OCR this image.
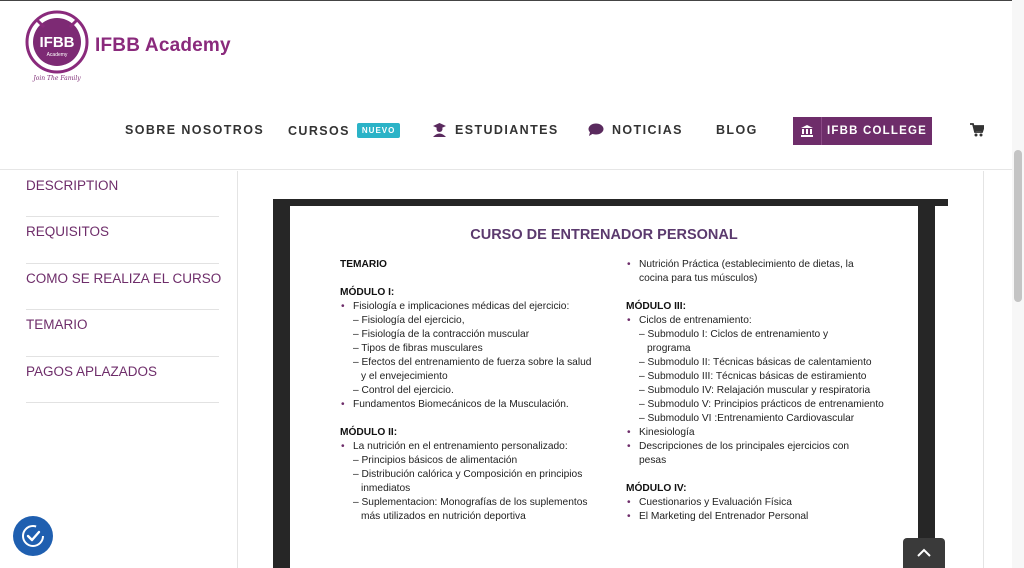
IFBB
Academy
Join The Family
IFBB Academy
SOBRE NOSOTROS CURSOS	NUEVO	ESTUDIANTES	NOTICIAS	BLOG	IFBB COLLEGE
DESCRIPTION
REQUISITOS
COMO SE REALIZA EL CURSO
TEMARIO
PAGOS APLAZADOS
CURSO DE ENTRENADOR PERSONAL
TEMARIO
MÓDULO I:
• Fisiología e implicaciones médicas del ejercicio:
– Fisiología del ejercicio,
– Fisiología de la contracción muscular
– Tipos de fibras musculares
– Efectos del entrenamiento de fuerza sobre la salud
y el envejecimiento
– Control del ejercicio.
• Fundamentos Biomecánicos de la Musculación.
MÓDULO II:
• La nutrición en el entrenamiento personalizado:
– Principios básicos de alimentación
– Distribución calórica y Composición en principios
inmediatos
– Suplementacion: Monografías de los suplementos
más utilizados en nutrición deportiva
• Nutrición Práctica (establecimiento de dietas, la
cocina para tus músculos)
MÓDULO III:
• Ciclos de entrenamiento:
– Submodulo I: Ciclos de entrenamiento y
programa
– Submodulo II: Técnicas básicas de calentamiento
– Submodulo III: Técnicas básicas de estiramiento
– Submodulo IV: Relajación muscular y respiratoria
– Submodulo V: Principios prácticos de entrenamiento
– Submodulo VI :Entrenamiento Cardiovascular
• Kinesiología
• Descripciones de los principales ejercicios con
pesas
MÓDULO IV:
• Cuestionarios y Evaluación Física
• El Marketing del Entrenador Personal
